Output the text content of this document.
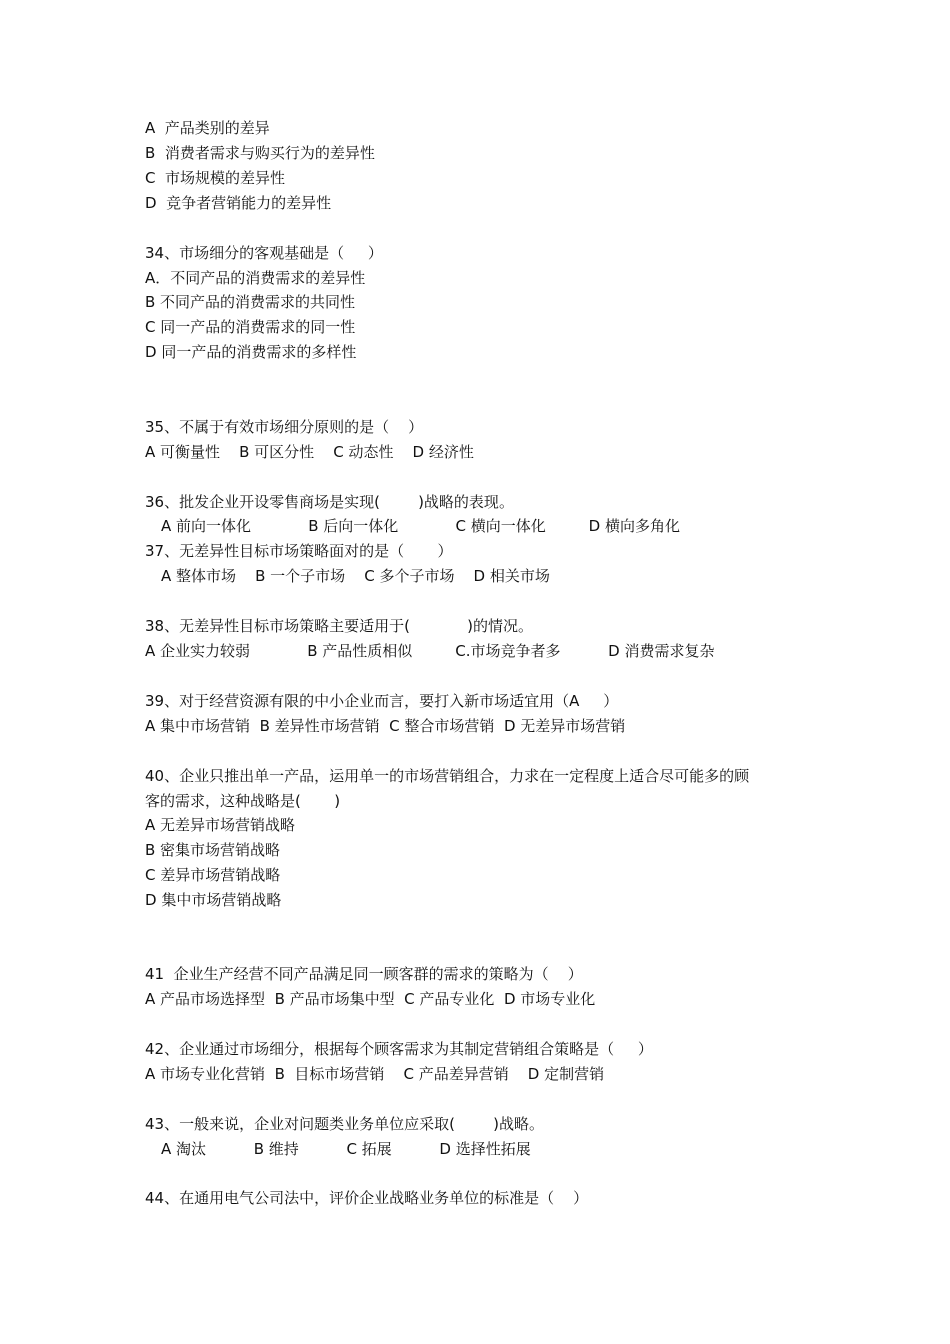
A  产品类别的差异
B  消费者需求与购买行为的差异性
C  市场规模的差异性
D  竞争者营销能力的差异性
34、市场细分的客观基础是（     ）
A．不同产品的消费需求的差异性
B 不同产品的消费需求的共同性
C 同一产品的消费需求的同一性
D 同一产品的消费需求的多样性
35、不属于有效市场细分原则的是（    ）
A 可衡量性    B 可区分性    C 动态性    D 经济性
36、批发企业开设零售商场是实现(        )战略的表现。
A 前向一体化            B 后向一体化            C 横向一体化         D 横向多角化
37、无差异性目标市场策略面对的是（       ）
A 整体市场    B 一个子市场    C 多个子市场    D 相关市场
38、无差异性目标市场策略主要适用于(            )的情况。
A 企业实力较弱            B 产品性质相似         C.市场竞争者多          D 消费需求复杂
39、对于经营资源有限的中小企业而言，要打入新市场适宜用（A     ）
A 集中市场营销  B 差异性市场营销  C 整合市场营销  D 无差异市场营销
40、企业只推出单一产品，运用单一的市场营销组合，力求在一定程度上适合尽可能多的顾
客的需求，这种战略是(       )
A 无差异市场营销战略
B 密集市场营销战略
C 差异市场营销战略
D 集中市场营销战略
41  企业生产经营不同产品满足同一顾客群的需求的策略为（    ）
A 产品市场选择型  B 产品市场集中型  C 产品专业化  D 市场专业化
42、企业通过市场细分，根据每个顾客需求为其制定营销组合策略是（     ）
A 市场专业化营销  B  目标市场营销    C 产品差异营销    D 定制营销
43、一般来说，企业对问题类业务单位应采取(        )战略。
A 淘汰          B 维持          C 拓展          D 选择性拓展
44、在通用电气公司法中，评价企业战略业务单位的标准是（    ）
